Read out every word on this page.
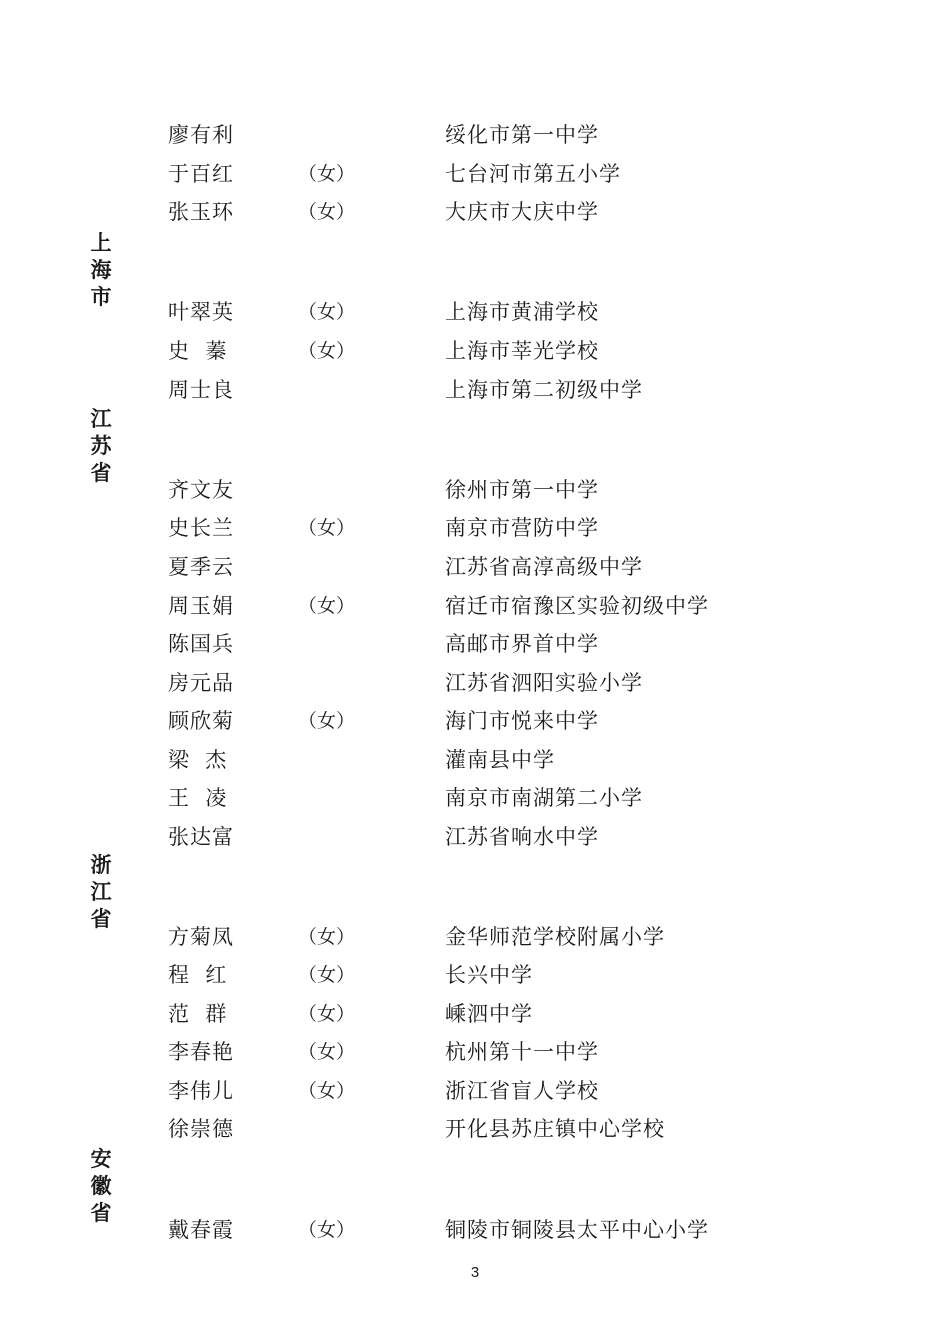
廖有利	绥化市第一中学
于百红	（女）	七台河市第五小学
张玉环	（女）	大庆市大庆中学
上海市
叶翠英	（女）	上海市黄浦学校
史  蓁	（女）	上海市莘光学校
周士良	上海市第二初级中学
江苏省
齐文友	徐州市第一中学
史长兰	（女）	南京市营防中学
夏季云	江苏省高淳高级中学
周玉娟	（女）	宿迁市宿豫区实验初级中学
陈国兵	高邮市界首中学
房元品	江苏省泗阳实验小学
顾欣菊	（女）	海门市悦来中学
梁  杰	灌南县中学
王  凌	南京市南湖第二小学
张达富	江苏省响水中学
浙江省
方菊凤	（女）	金华师范学校附属小学
程  红	（女）	长兴中学
范  群	（女）	嵊泗中学
李春艳	（女）	杭州第十一中学
李伟儿	（女）	浙江省盲人学校
徐崇德	开化县苏庄镇中心学校
安徽省
戴春霞	（女）	铜陵市铜陵县太平中心小学
3
